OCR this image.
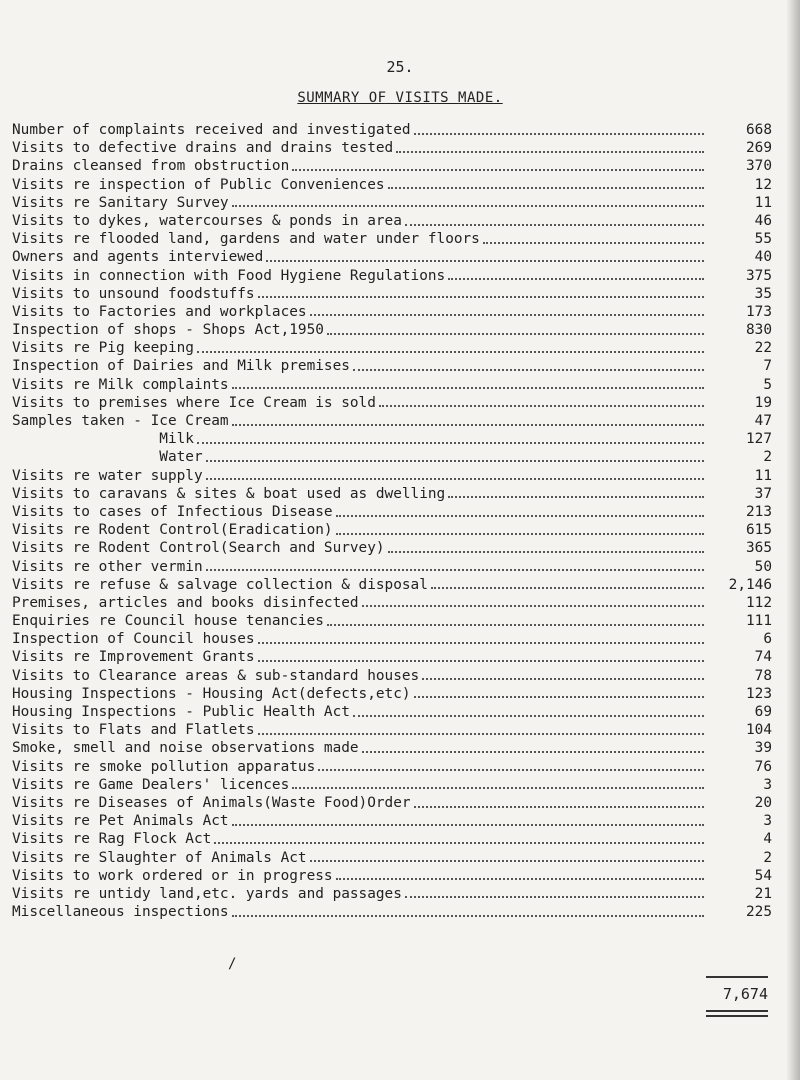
25.
SUMMARY OF VISITS MADE.
Number of complaints received and investigated	668
Visits to defective drains and drains tested	269
Drains cleansed from obstruction	370
Visits re inspection of Public Conveniences	12
Visits re Sanitary Survey	11
Visits to dykes, watercourses & ponds in area	46
Visits re flooded land, gardens and water under floors	55
Owners and agents interviewed	40
Visits in connection with Food Hygiene Regulations	375
Visits to unsound foodstuffs	35
Visits to Factories and workplaces	173
Inspection of shops - Shops Act,1950	830
Visits re Pig keeping	22
Inspection of Dairies and Milk premises	7
Visits re Milk complaints	5
Visits to premises where Ice Cream is sold	19
Samples taken - Ice Cream	47
Milk	127
Water	2
Visits re water supply	11
Visits to caravans & sites & boat used as dwelling	37
Visits to cases of Infectious Disease	213
Visits re Rodent Control(Eradication)	615
Visits re Rodent Control(Search and Survey)	365
Visits re other vermin	50
Visits re refuse & salvage collection & disposal	2,146
Premises, articles and books disinfected	112
Enquiries re Council house tenancies	111
Inspection of Council houses	6
Visits re Improvement Grants	74
Visits to Clearance areas & sub-standard houses	78
Housing Inspections - Housing Act(defects,etc)	123
Housing Inspections - Public Health Act	69
Visits to Flats and Flatlets	104
Smoke, smell and noise observations made	39
Visits re smoke pollution apparatus	76
Visits re Game Dealers' licences	3
Visits re Diseases of Animals(Waste Food)Order	20
Visits re Pet Animals Act	3
Visits re Rag Flock Act	4
Visits re Slaughter of Animals Act	2
Visits to work ordered or in progress	54
Visits re untidy land,etc. yards and passages	21
Miscellaneous inspections	225
/
7,674
